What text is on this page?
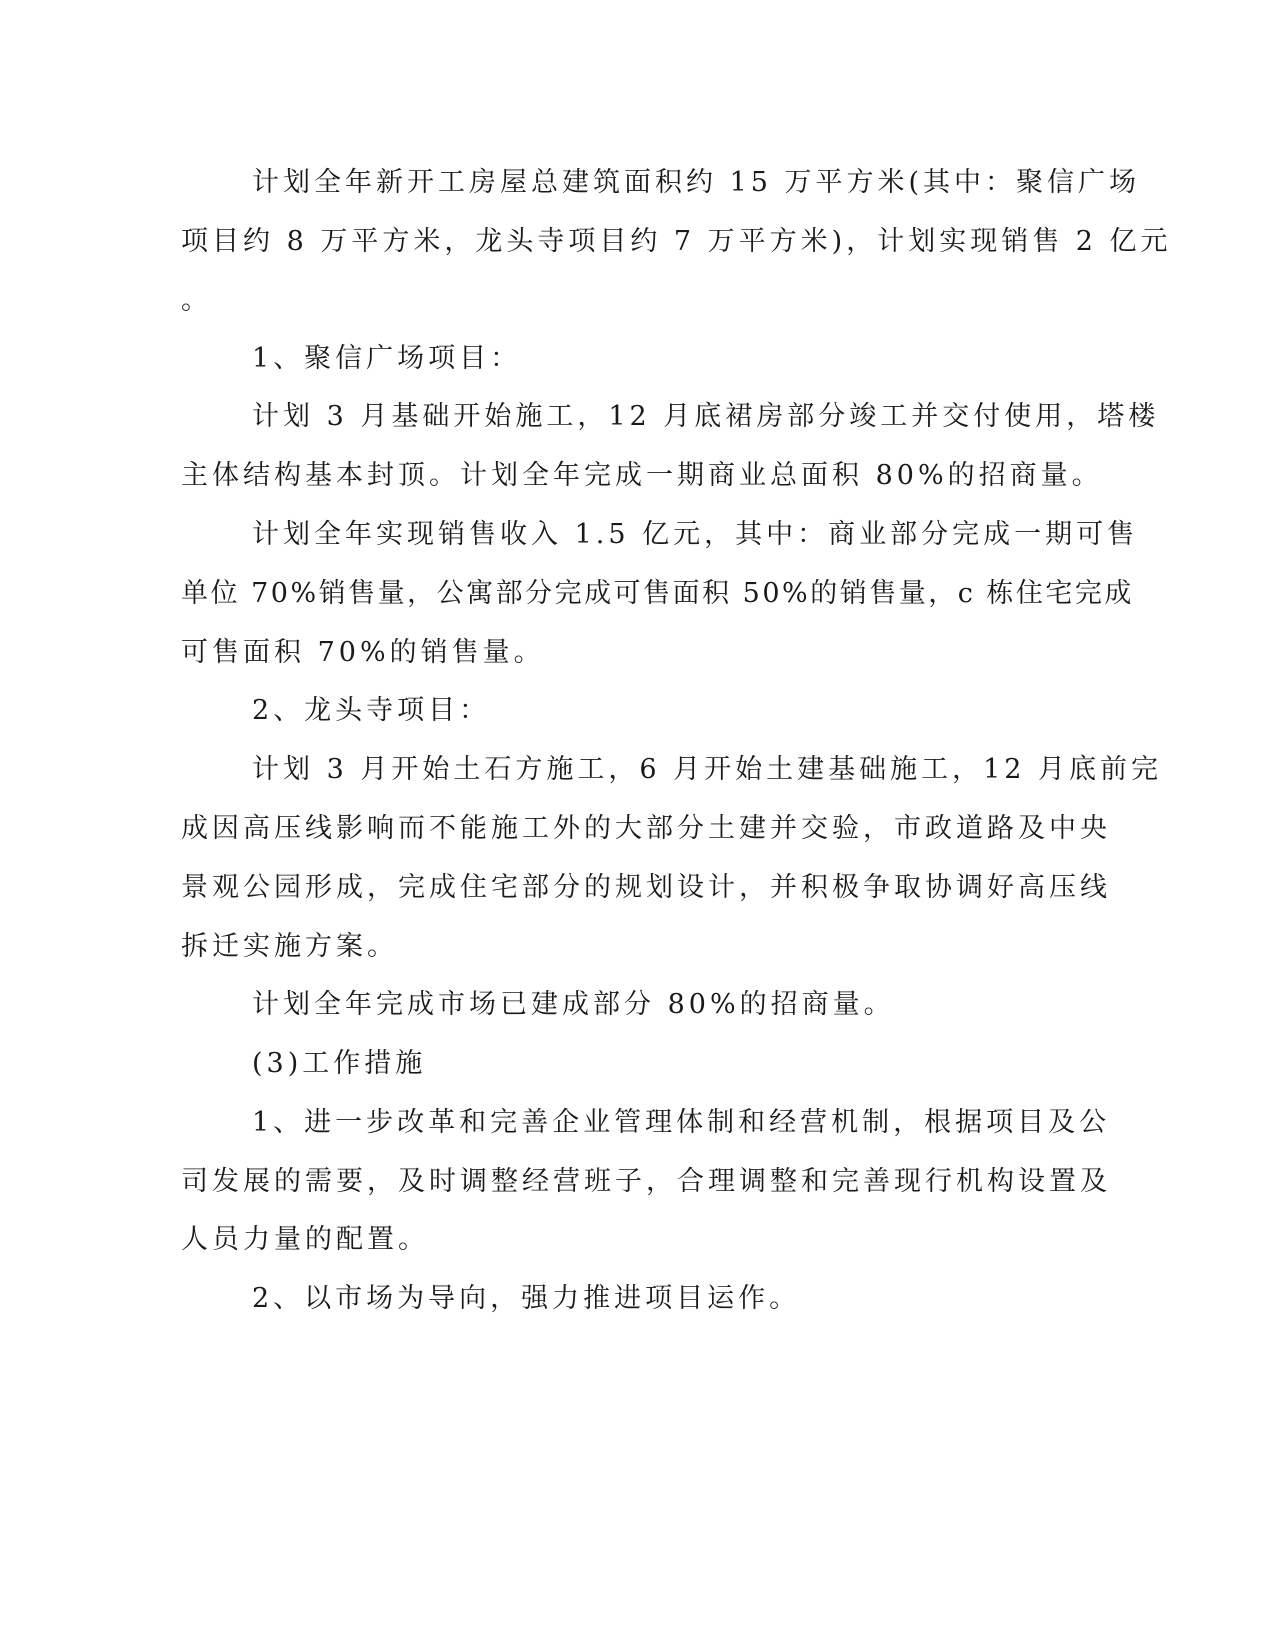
计划全年新开工房屋总建筑面积约 15 万平方米(其中：聚信广场
项目约 8 万平方米，龙头寺项目约 7 万平方米)，计划实现销售 2 亿元
。
1、聚信广场项目：
计划 3 月基础开始施工，12 月底裙房部分竣工并交付使用，塔楼
主体结构基本封顶。计划全年完成一期商业总面积 80%的招商量。
计划全年实现销售收入 1.5 亿元，其中：商业部分完成一期可售
单位 70%销售量，公寓部分完成可售面积 50%的销售量，c 栋住宅完成
可售面积 70%的销售量。
2、龙头寺项目：
计划 3 月开始土石方施工，6 月开始土建基础施工，12 月底前完
成因高压线影响而不能施工外的大部分土建并交验，市政道路及中央
景观公园形成，完成住宅部分的规划设计，并积极争取协调好高压线
拆迁实施方案。
计划全年完成市场已建成部分 80%的招商量。
(3)工作措施
1、进一步改革和完善企业管理体制和经营机制，根据项目及公
司发展的需要，及时调整经营班子，合理调整和完善现行机构设置及
人员力量的配置。
2、以市场为导向，强力推进项目运作。
